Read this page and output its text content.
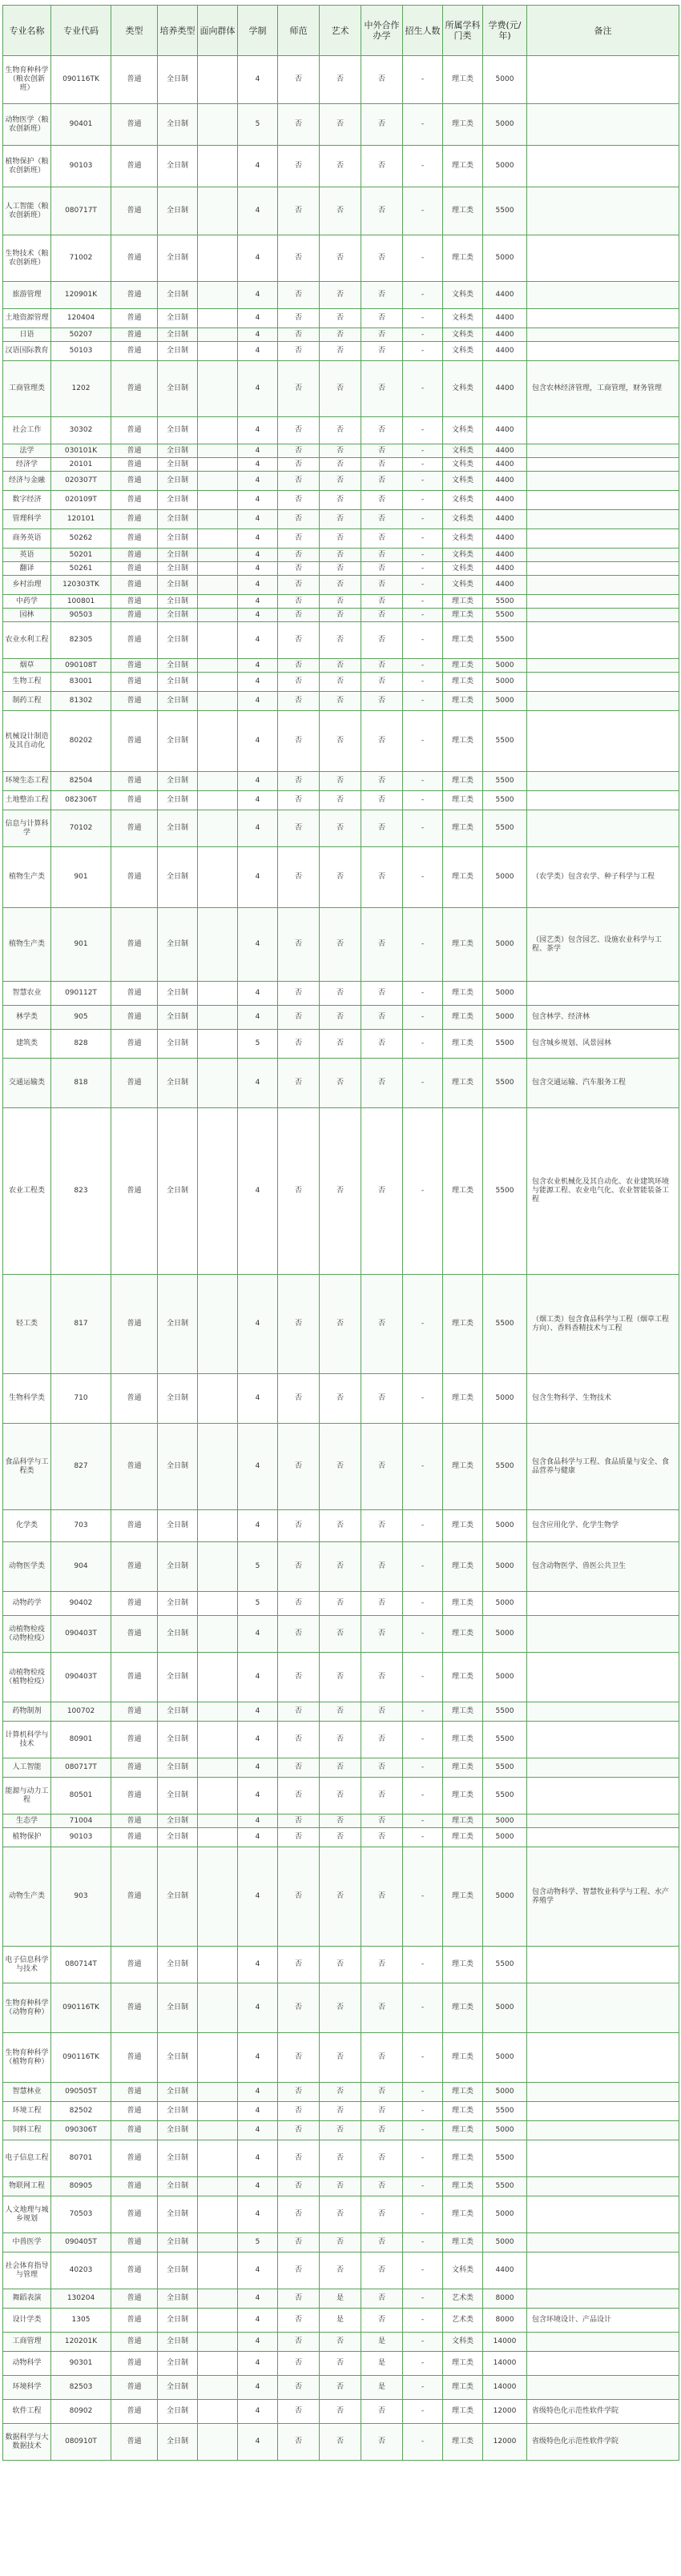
专业名称	专业代码	类型	培养类型	面向群体	学制	师范	艺术	中外合作办学	招生人数	所属学科门类	学费(元/年)	备注
生物育种科学（粮农创新班）	090116TK	普通	全日制		4	否	否	否	-	理工类	5000	
动物医学（粮农创新班）	90401	普通	全日制		5	否	否	否	-	理工类	5000	
植物保护（粮农创新班）	90103	普通	全日制		4	否	否	否	-	理工类	5000	
人工智能（粮农创新班）	080717T	普通	全日制		4	否	否	否	-	理工类	5500	
生物技术（粮农创新班）	71002	普通	全日制		4	否	否	否	-	理工类	5000	
旅游管理	120901K	普通	全日制		4	否	否	否	-	文科类	4400	
土地资源管理	120404	普通	全日制		4	否	否	否	-	文科类	4400	
日语	50207	普通	全日制		4	否	否	否	-	文科类	4400	
汉语国际教育	50103	普通	全日制		4	否	否	否	-	文科类	4400	
工商管理类	1202	普通	全日制		4	否	否	否	-	文科类	4400	包含农林经济管理，工商管理，财务管理
社会工作	30302	普通	全日制		4	否	否	否	-	文科类	4400	
法学	030101K	普通	全日制		4	否	否	否	-	文科类	4400	
经济学	20101	普通	全日制		4	否	否	否	-	文科类	4400	
经济与金融	020307T	普通	全日制		4	否	否	否	-	文科类	4400	
数字经济	020109T	普通	全日制		4	否	否	否	-	文科类	4400	
管理科学	120101	普通	全日制		4	否	否	否	-	文科类	4400	
商务英语	50262	普通	全日制		4	否	否	否	-	文科类	4400	
英语	50201	普通	全日制		4	否	否	否	-	文科类	4400	
翻译	50261	普通	全日制		4	否	否	否	-	文科类	4400	
乡村治理	120303TK	普通	全日制		4	否	否	否	-	文科类	4400	
中药学	100801	普通	全日制		4	否	否	否	-	理工类	5500	
园林	90503	普通	全日制		4	否	否	否	-	理工类	5500	
农业水利工程	82305	普通	全日制		4	否	否	否	-	理工类	5500	
烟草	090108T	普通	全日制		4	否	否	否	-	理工类	5000	
生物工程	83001	普通	全日制		4	否	否	否	-	理工类	5000	
制药工程	81302	普通	全日制		4	否	否	否	-	理工类	5000	
机械设计制造及其自动化	80202	普通	全日制		4	否	否	否	-	理工类	5500	
环境生态工程	82504	普通	全日制		4	否	否	否	-	理工类	5500	
土地整治工程	082306T	普通	全日制		4	否	否	否	-	理工类	5500	
信息与计算科学	70102	普通	全日制		4	否	否	否	-	理工类	5500	
植物生产类	901	普通	全日制		4	否	否	否	-	理工类	5000	（农学类）包含农学、种子科学与工程
植物生产类	901	普通	全日制		4	否	否	否	-	理工类	5000	（园艺类）包含园艺、设施农业科学与工程、茶学
智慧农业	090112T	普通	全日制		4	否	否	否	-	理工类	5000	
林学类	905	普通	全日制		4	否	否	否	-	理工类	5000	包含林学、经济林
建筑类	828	普通	全日制		5	否	否	否	-	理工类	5500	包含城乡规划、风景园林
交通运输类	818	普通	全日制		4	否	否	否	-	理工类	5500	包含交通运输、汽车服务工程
农业工程类	823	普通	全日制		4	否	否	否	-	理工类	5500	包含农业机械化及其自动化、农业建筑环境与能源工程、农业电气化、农业智能装备工程
轻工类	817	普通	全日制		4	否	否	否	-	理工类	5500	（烟工类）包含食品科学与工程（烟草工程方向）、香料香精技术与工程
生物科学类	710	普通	全日制		4	否	否	否	-	理工类	5000	包含生物科学、生物技术
食品科学与工程类	827	普通	全日制		4	否	否	否	-	理工类	5500	包含食品科学与工程、食品质量与安全、食品营养与健康
化学类	703	普通	全日制		4	否	否	否	-	理工类	5000	包含应用化学、化学生物学
动物医学类	904	普通	全日制		5	否	否	否	-	理工类	5000	包含动物医学、兽医公共卫生
动物药学	90402	普通	全日制		5	否	否	否	-	理工类	5000	
动植物检疫（动物检疫）	090403T	普通	全日制		4	否	否	否	-	理工类	5000	
动植物检疫（植物检疫）	090403T	普通	全日制		4	否	否	否	-	理工类	5000	
药物制剂	100702	普通	全日制		4	否	否	否	-	理工类	5500	
计算机科学与技术	80901	普通	全日制		4	否	否	否	-	理工类	5500	
人工智能	080717T	普通	全日制		4	否	否	否	-	理工类	5500	
能源与动力工程	80501	普通	全日制		4	否	否	否	-	理工类	5500	
生态学	71004	普通	全日制		4	否	否	否	-	理工类	5000	
植物保护	90103	普通	全日制		4	否	否	否	-	理工类	5000	
动物生产类	903	普通	全日制		4	否	否	否	-	理工类	5000	包含动物科学、智慧牧业科学与工程、水产养殖学
电子信息科学与技术	080714T	普通	全日制		4	否	否	否	-	理工类	5500	
生物育种科学（动物育种）	090116TK	普通	全日制		4	否	否	否	-	理工类	5000	
生物育种科学（植物育种）	090116TK	普通	全日制		4	否	否	否	-	理工类	5000	
智慧林业	090505T	普通	全日制		4	否	否	否	-	理工类	5000	
环境工程	82502	普通	全日制		4	否	否	否	-	理工类	5500	
饲料工程	090306T	普通	全日制		4	否	否	否	-	理工类	5000	
电子信息工程	80701	普通	全日制		4	否	否	否	-	理工类	5500	
物联网工程	80905	普通	全日制		4	否	否	否	-	理工类	5500	
人文地理与城乡规划	70503	普通	全日制		4	否	否	否	-	理工类	5000	
中兽医学	090405T	普通	全日制		5	否	否	否	-	理工类	5000	
社会体育指导与管理	40203	普通	全日制		4	否	否	否	-	文科类	4400	
舞蹈表演	130204	普通	全日制		4	否	是	否	-	艺术类	8000	
设计学类	1305	普通	全日制		4	否	是	否	-	艺术类	8000	包含环境设计、产品设计
工商管理	120201K	普通	全日制		4	否	否	是	-	文科类	14000	
动物科学	90301	普通	全日制		4	否	否	是	-	理工类	14000	
环境科学	82503	普通	全日制		4	否	否	是	-	理工类	14000	
软件工程	80902	普通	全日制		4	否	否	否	-	理工类	12000	省级特色化示范性软件学院
数据科学与大数据技术	080910T	普通	全日制		4	否	否	否	-	理工类	12000	省级特色化示范性软件学院
